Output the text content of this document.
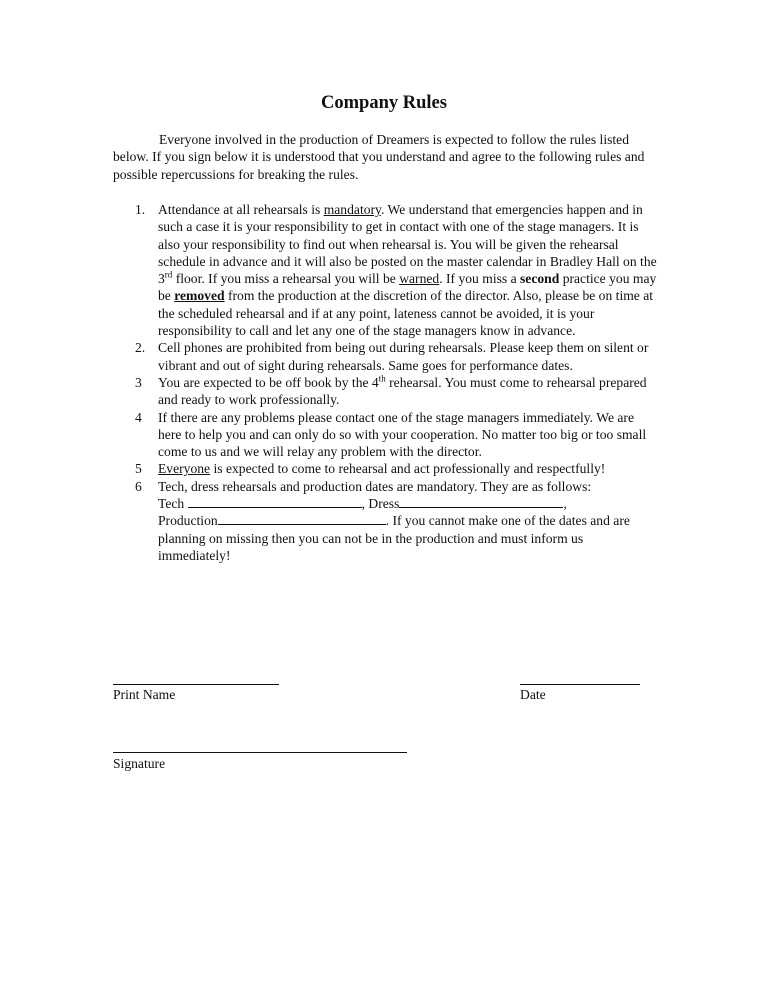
Company Rules

Everyone involved in the production of Dreamers is expected to follow the rules listed below. If you sign below it is understood that you understand and agree to the following rules and possible repercussions for breaking the rules.

1. Attendance at all rehearsals is mandatory. We understand that emergencies happen and in such a case it is your responsibility to get in contact with one of the stage managers. It is also your responsibility to find out when rehearsal is. You will be given the rehearsal schedule in advance and it will also be posted on the master calendar in Bradley Hall on the 3rd floor. If you miss a rehearsal you will be warned. If you miss a second practice you may be removed from the production at the discretion of the director. Also, please be on time at the scheduled rehearsal and if at any point, lateness cannot be avoided, it is your responsibility to call and let any one of the stage managers know in advance.
2. Cell phones are prohibited from being out during rehearsals. Please keep them on silent or vibrant and out of sight during rehearsals. Same goes for performance dates.
3 You are expected to be off book by the 4th rehearsal. You must come to rehearsal prepared and ready to work professionally.
4 If there are any problems please contact one of the stage managers immediately. We are here to help you and can only do so with your cooperation. No matter too big or too small come to us and we will relay any problem with the director.
5 Everyone is expected to come to rehearsal and act professionally and respectfully!
6 Tech, dress rehearsals and production dates are mandatory. They are as follows:
Tech	, Dress	,
Production	. If you cannot make one of the dates and are planning on missing then you can not be in the production and must inform us immediately!

Print Name	Date

Signature
